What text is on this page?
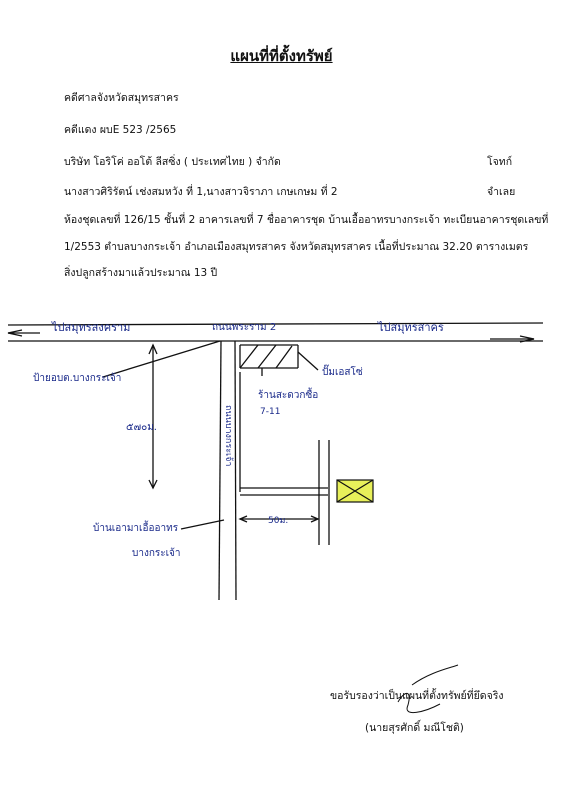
แผนที่ที่ตั้งทรัพย์
คดีศาลจังหวัดสมุทรสาคร
คดีแดง ผบE 523 /2565
บริษัท โอริโค่ ออโต้ ลีสซิ่ง ( ประเทศไทย ) จำกัด	โจทก์
นางสาวศิริรัตน์ เช่งสมหวัง ที่ 1,นางสาวจิราภา เกษเกษม ที่ 2	จำเลย
ห้องชุดเลขที่ 126/15 ชั้นที่ 2 อาคารเลขที่ 7 ชื่ออาคารชุด บ้านเอื้ออาทรบางกระเจ้า ทะเบียนอาคารชุดเลขที่
1/2553 ตำบลบางกระเจ้า อำเภอเมืองสมุทรสาคร จังหวัดสมุทรสาคร เนื้อที่ประมาณ 32.20 ตารางเมตร
สิ่งปลูกสร้างมาแล้วประมาณ 13 ปี
ไปสมุทรสงคราม	ถนนพระราม 2	ไปสมุทรสาคร
ป้ายอบต.บางกระเจ้า
ร้านสะดวกซื้อ
7-11
ปั๊มเอสโซ่
๕๗๐ม.
50ม.
บ้านเอามาเอื้ออาทร
บางกระเจ้า
ถนนบางกระเจ้า
ขอรับรองว่าเป็นแผนที่ตั้งทรัพย์ที่ยึดจริง
(นายสุรศักดิ์ มณีโชติ)
